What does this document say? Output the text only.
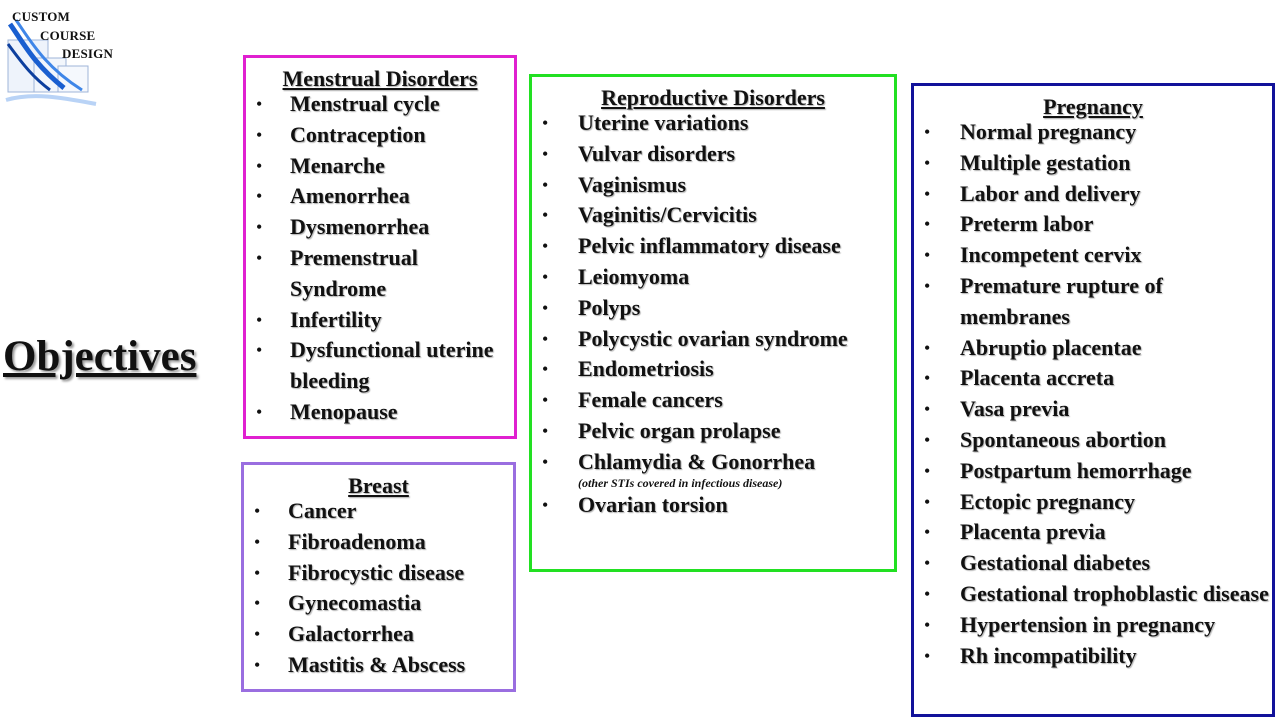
CUSTOM
COURSE
DESIGN
Objectives
Menstrual Disorders
• Menstrual cycle
• Contraception
• Menarche
• Amenorrhea
• Dysmenorrhea
• Premenstrual Syndrome
• Infertility
• Dysfunctional uterine bleeding
• Menopause
Breast
• Cancer
• Fibroadenoma
• Fibrocystic disease
• Gynecomastia
• Galactorrhea
• Mastitis & Abscess
Reproductive Disorders
• Uterine variations
• Vulvar disorders
• Vaginismus
• Vaginitis/Cervicitis
• Pelvic inflammatory disease
• Leiomyoma
• Polyps
• Polycystic ovarian syndrome
• Endometriosis
• Female cancers
• Pelvic organ prolapse
• Chlamydia & Gonorrhea
(other STIs covered in infectious disease)
• Ovarian torsion
Pregnancy
• Normal pregnancy
• Multiple gestation
• Labor and delivery
• Preterm labor
• Incompetent cervix
• Premature rupture of membranes
• Abruptio placentae
• Placenta accreta
• Vasa previa
• Spontaneous abortion
• Postpartum hemorrhage
• Ectopic pregnancy
• Placenta previa
• Gestational diabetes
• Gestational trophoblastic disease
• Hypertension in pregnancy
• Rh incompatibility
